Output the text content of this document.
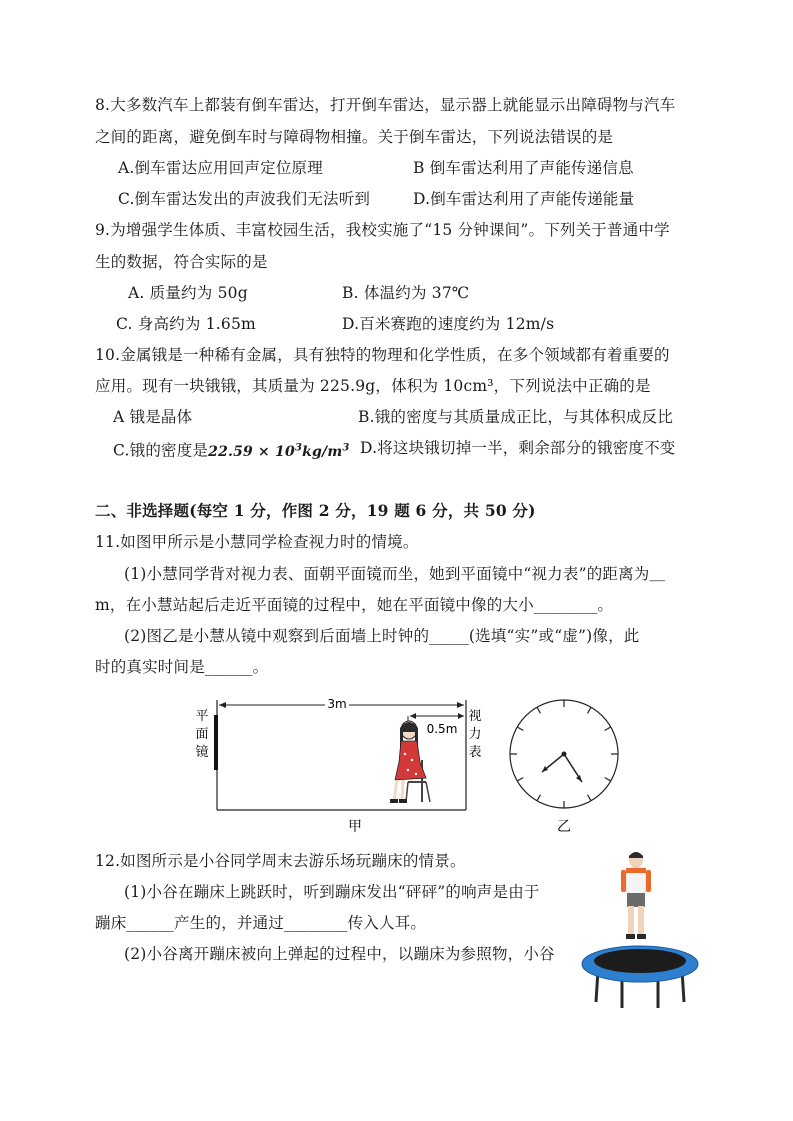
8.大多数汽车上都装有倒车雷达，打开倒车雷达，显示器上就能显示出障碍物与汽车
之间的距离，避免倒车时与障碍物相撞。关于倒车雷达，下列说法错误的是
A.倒车雷达应用回声定位原理	B 倒车雷达利用了声能传递信息
C.倒车雷达发出的声波我们无法听到	D.倒车雷达利用了声能传递能量
9.为增强学生体质、丰富校园生活，我校实施了“15 分钟课间”。下列关于普通中学
生的数据，符合实际的是
A. 质量约为 50g	B. 体温约为 37℃
C. 身高约为 1.65m	D.百米赛跑的速度约为 12m/s
10.金属锇是一种稀有金属，具有独特的物理和化学性质，在多个领域都有着重要的
应用。现有一块锇锇，其质量为 225.9g，体积为 10cm³，下列说法中正确的是
A 锇是晶体	B.锇的密度与其质量成正比，与其体积成反比
C.锇的密度是$22.59 \times 10^3kg/m^3$ D.将这块锇切掉一半，剩余部分的锇密度不变
二、非选择题(每空 1 分，作图 2 分，19 题 6 分，共 50 分)
11.如图甲所示是小慧同学检查视力时的情境。
(1)小慧同学背对视力表、面朝平面镜而坐，她到平面镜中“视力表”的距离为＿
m，在小慧站起后走近平面镜的过程中，她在平面镜中像的大小________。
(2)图乙是小慧从镜中观察到后面墙上时钟的_____(选填“实”或“虚”)像，此
时的真实时间是______。
平
面
镜
视
力
表
3m
0.5m
甲	乙
12.如图所示是小谷同学周末去游乐场玩蹦床的情景。
(1)小谷在蹦床上跳跃时，听到蹦床发出“砰砰”的响声是由于
蹦床______产生的，并通过________传入人耳。
(2)小谷离开蹦床被向上弹起的过程中，以蹦床为参照物，小谷
